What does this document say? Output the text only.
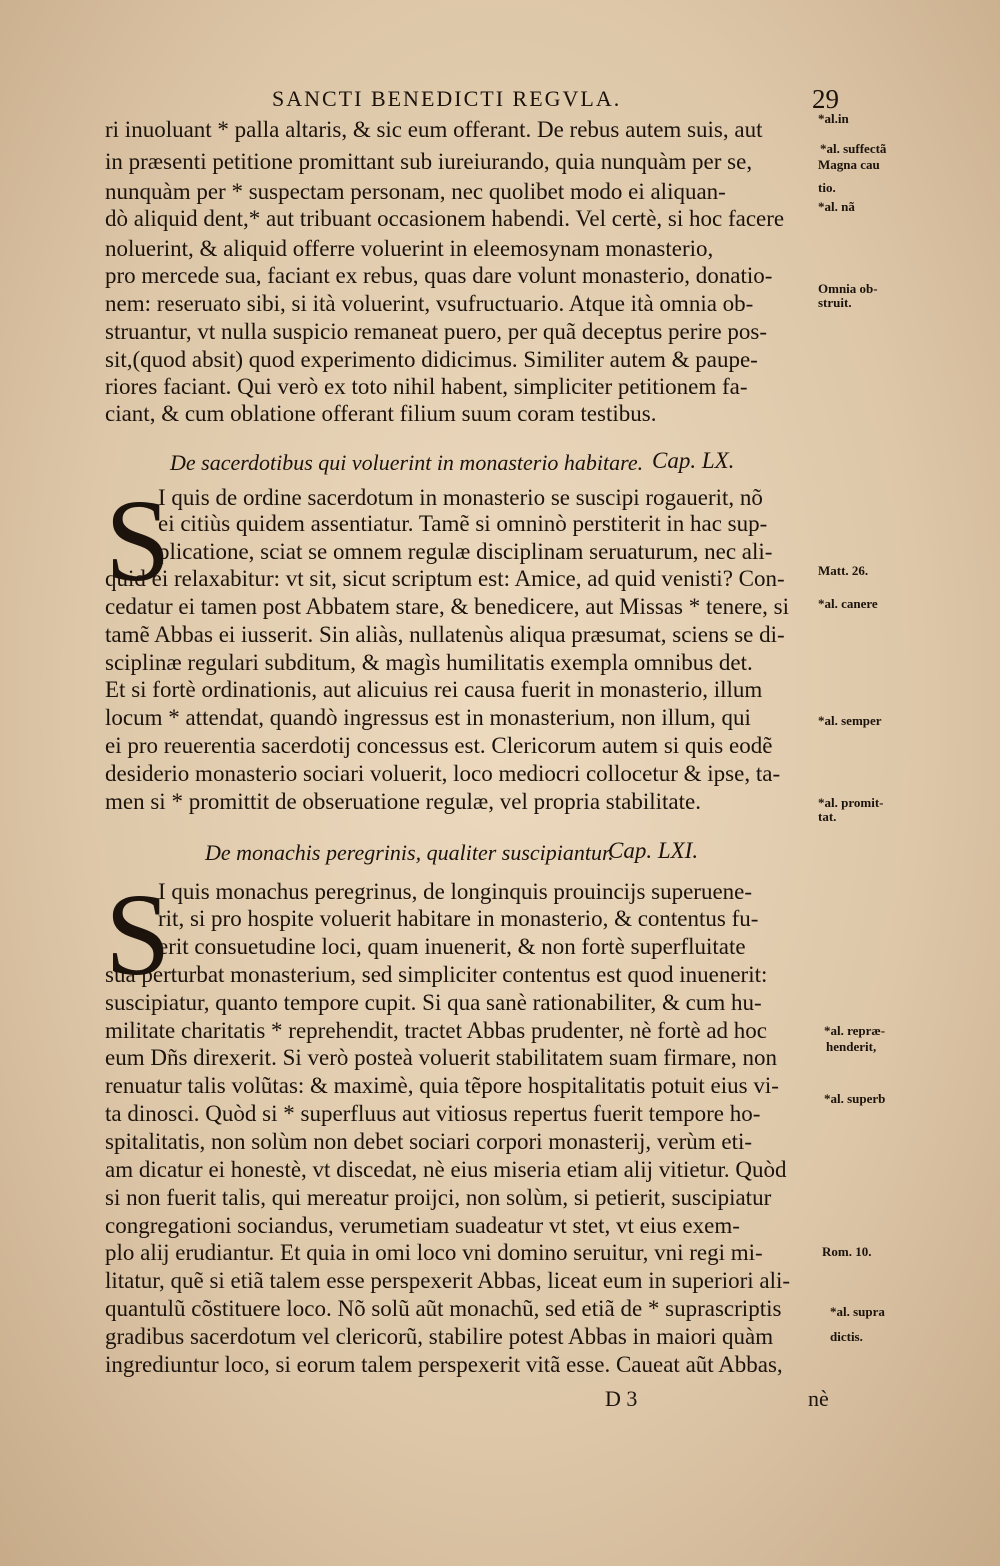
SANCTI BENEDICTI REGVLA.	29
ri inuoluant * palla altaris, & sic eum offerant. De rebus autem suis, aut
in præsenti petitione promittant sub iureiurando, quia nunquàm per se,
nunquàm per * suspectam personam, nec quolibet modo ei aliquan-
dò aliquid dent,* aut tribuant occasionem habendi. Vel certè, si hoc facere
noluerint, & aliquid offerre voluerint in eleemosynam monasterio,
pro mercede sua, faciant ex rebus, quas dare volunt monasterio, donatio-
nem: reseruato sibi, si ità voluerint, vsufructuario. Atque ità omnia ob-
struantur, vt nulla suspicio remaneat puero, per quã deceptus perire pos-
sit,(quod absit) quod experimento didicimus. Similiter autem & paupe-
riores faciant. Qui verò ex toto nihil habent, simpliciter petitionem fa-
ciant, & cum oblatione offerant filium suum coram testibus.
De sacerdotibus qui voluerint in monasterio habitare. Cap. LX.
S
I quis de ordine sacerdotum in monasterio se suscipi rogauerit, nõ
ei citiùs quidem assentiatur. Tamẽ si omninò perstiterit in hac sup-
plicatione, sciat se omnem regulæ disciplinam seruaturum, nec ali-
quid ei relaxabitur: vt sit, sicut scriptum est: Amice, ad quid venisti? Con-
cedatur ei tamen post Abbatem stare, & benedicere, aut Missas * tenere, si
tamẽ Abbas ei iusserit. Sin aliàs, nullatenùs aliqua præsumat, sciens se di-
sciplinæ regulari subditum, & magìs humilitatis exempla omnibus det.
Et si fortè ordinationis, aut alicuius rei causa fuerit in monasterio, illum
locum * attendat, quandò ingressus est in monasterium, non illum, qui
ei pro reuerentia sacerdotij concessus est. Clericorum autem si quis eodẽ
desiderio monasterio sociari voluerit, loco mediocri collocetur & ipse, ta-
men si * promittit de obseruatione regulæ, vel propria stabilitate.
De monachis peregrinis, qualiter suscipiantur.
Cap. LXI.
S
I quis monachus peregrinus, de longinquis prouincijs superuene-
rit, si pro hospite voluerit habitare in monasterio, & contentus fu-
erit consuetudine loci, quam inuenerit, & non fortè superfluitate
sua perturbat monasterium, sed simpliciter contentus est quod inuenerit:
suscipiatur, quanto tempore cupit. Si qua sanè rationabiliter, & cum hu-
militate charitatis * reprehendit, tractet Abbas prudenter, nè fortè ad hoc
eum Dñs direxerit. Si verò posteà voluerit stabilitatem suam firmare, non
renuatur talis volũtas: & maximè, quia tẽpore hospitalitatis potuit eius vi-
ta dinosci. Quòd si * superfluus aut vitiosus repertus fuerit tempore ho-
spitalitatis, non solùm non debet sociari corpori monasterij, verùm eti-
am dicatur ei honestè, vt discedat, nè eius miseria etiam alij vitietur. Quòd
si non fuerit talis, qui mereatur proijci, non solùm, si petierit, suscipiatur
congregationi sociandus, verumetiam suadeatur vt stet, vt eius exem-
plo alij erudiantur. Et quia in omi loco vni domino seruitur, vni regi mi-
litatur, quẽ si etiã talem esse perspexerit Abbas, liceat eum in superiori ali-
quantulũ cõstituere loco. Nõ solũ aũt monachũ, sed etiã de * suprascriptis
gradibus sacerdotum vel clericorũ, stabilire potest Abbas in maiori quàm
ingrediuntur loco, si eorum talem perspexerit vitã esse. Caueat aũt Abbas,
D 3	nè
*al.in
*al. suffectã
Magna cau
tio.
*al. nã
Omnia ob-
struit.
Matt. 26.
*al. canere
*al. semper
*al. promit-
tat.
*al. repræ-
henderit,
*al. superb
Rom. 10.
*al. supra
dictis.
